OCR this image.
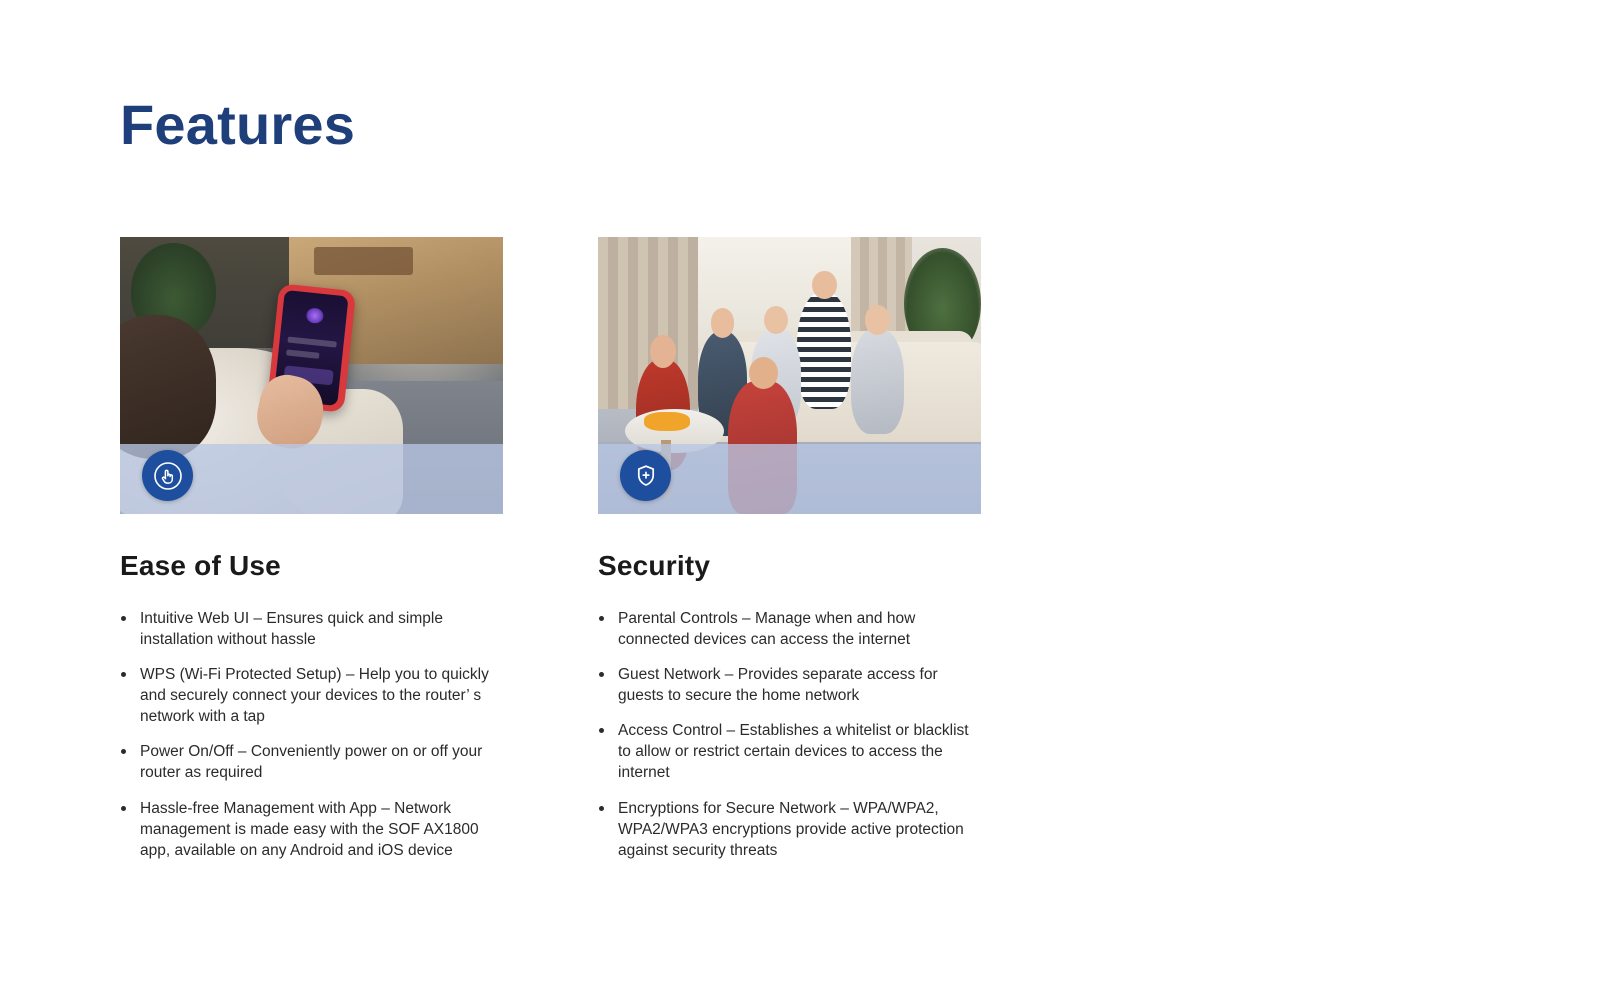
Features
Ease of Use
Intuitive Web UI – Ensures quick and simple installation without hassle
WPS (Wi-Fi Protected Setup) – Help you to quickly and securely connect your devices to the router’ s network with a tap
Power On/Off – Conveniently power on or off your router as required
Hassle-free Management with App – Network management is made easy with the SOF AX1800 app, available on any Android and iOS device
Security
Parental Controls – Manage when and how connected devices can access the internet
Guest Network – Provides separate access for guests to secure the home network
Access Control – Establishes a whitelist or blacklist to allow or restrict certain devices to access the internet
Encryptions for Secure Network – WPA/WPA2, WPA2/WPA3 encryptions provide active protection against security threats
